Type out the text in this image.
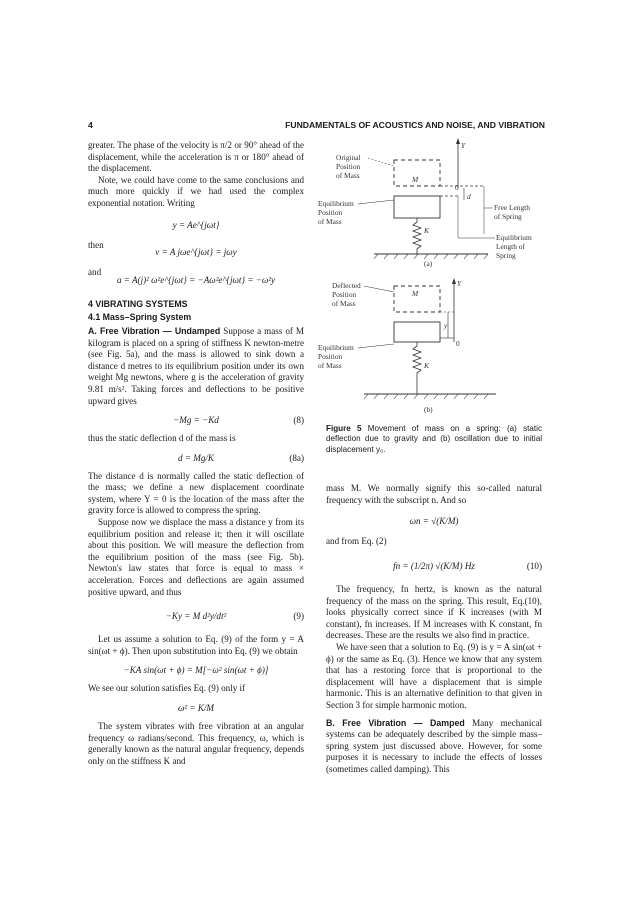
4	FUNDAMENTALS OF ACOUSTICS AND NOISE, AND VIBRATION

greater. The phase of the velocity is π/2 or 90° ahead of the displacement, while the acceleration is π or 180° ahead of the displacement.

Note, we could have come to the same conclusions and much more quickly if we had used the complex exponential notation. Writing

y = Ae^{jωt}

then

v = A jωe^{jωt} = jωy

and

a = A(j)² ω²e^{jωt} = −Aω²e^{jωt} = −ω²y
4 VIBRATING SYSTEMS
4.1 Mass–Spring System

A. Free Vibration — Undamped Suppose a mass of M kilogram is placed on a spring of stiffness K newton-metre (see Fig. 5a), and the mass is allowed to sink down a distance d metres to its equilibrium position under its own weight Mg newtons, where g is the acceleration of gravity 9.81 m/s². Taking forces and deflections to be positive upward gives

−Mg = −Kd	(8)

thus the static deflection d of the mass is

d = Mg/K	(8a)

The distance d is normally called the static deflection of the mass; we define a new displacement coordinate system, where Y = 0 is the location of the mass after the gravity force is allowed to compress the spring.

Suppose now we displace the mass a distance y from its equilibrium position and release it; then it will oscillate about this position. We will measure the deflection from the equilibrium position of the mass (see Fig. 5b). Newton's law states that force is equal to mass × acceleration. Forces and deflections are again assumed positive upward, and thus

−Ky = M d²y/dt²	(9)

Let us assume a solution to Eq. (9) of the form y = A sin(ωt + ϕ). Then upon substitution into Eq. (9) we obtain

−KA sin(ωt + ϕ) = M[−ω² sin(ωt + ϕ)]

We see our solution satisfies Eq. (9) only if

ω² = K/M

The system vibrates with free vibration at an angular frequency ω radians/second. This frequency, ω, which is generally known as the natural angular frequency, depends only on the stiffness K and

Y
M
0
d
K
(a)
Original
Position
of Mass
Equilibrium
Position
of Mass
Free Length
of Spring
Equilibrium
Length of
Spring
Y
M
y
0
K
(b)
Deflected
Position
of Mass
Equilibrium
Position
of Mass

Figure 5 Movement of mass on a spring: (a) static deflection due to gravity and (b) oscillation due to initial displacement y₀.

mass M. We normally signify this so-called natural frequency with the subscript n. And so

ωn = √(K/M)

and from Eq. (2)

fn = (1/2π) √(K/M) Hz	(10)

The frequency, fn hertz, is known as the natural frequency of the mass on the spring. This result, Eq.(10), looks physically correct since if K increases (with M constant), fn increases. If M increases with K constant, fn decreases. These are the results we also find in practice.

We have seen that a solution to Eq. (9) is y = A sin(ωt + ϕ) or the same as Eq. (3). Hence we know that any system that has a restoring force that is proportional to the displacement will have a displacement that is simple harmonic. This is an alternative definition to that given in Section 3 for simple harmonic motion.

B. Free Vibration — Damped Many mechanical systems can be adequately described by the simple mass–spring system just discussed above. However, for some purposes it is necessary to include the effects of losses (sometimes called damping). This
